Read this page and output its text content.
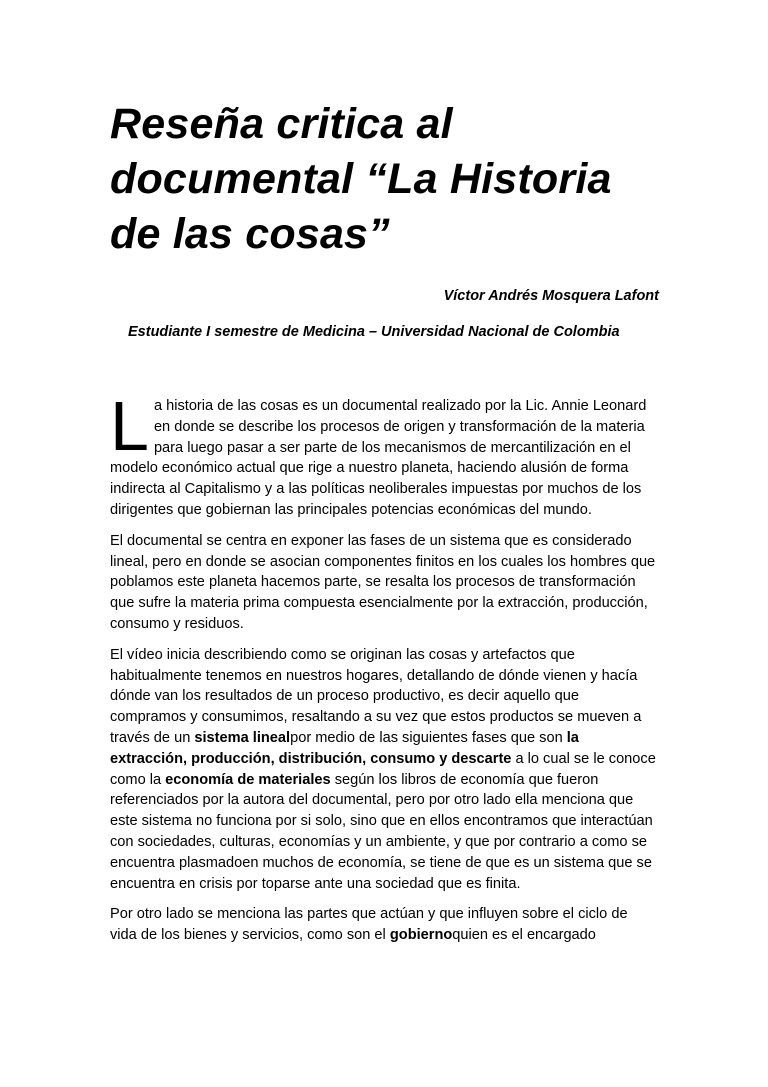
Reseña critica al documental “La Historia de las cosas”

Víctor Andrés Mosquera Lafont

Estudiante I semestre de Medicina – Universidad Nacional de Colombia

La historia de las cosas es un documental realizado por la Lic. Annie Leonard en donde se describe los procesos de origen y transformación de la materia para luego pasar a ser parte de los mecanismos de mercantilización en el modelo económico actual que rige a nuestro planeta, haciendo alusión de forma indirecta al Capitalismo y a las políticas neoliberales impuestas por muchos de los dirigentes que gobiernan las principales potencias económicas del mundo.

El documental se centra en exponer las fases de un sistema que es considerado lineal, pero en donde se asocian componentes finitos en los cuales los hombres que poblamos este planeta hacemos parte, se resalta los procesos de transformación que sufre la materia prima compuesta esencialmente por la extracción, producción, consumo y residuos.

El vídeo inicia describiendo como se originan las cosas y artefactos que habitualmente tenemos en nuestros hogares, detallando de dónde vienen y hacía dónde van los resultados de un proceso productivo, es decir aquello que compramos y consumimos, resaltando a su vez que estos productos se mueven a través de un sistema linealpor medio de las siguientes fases que son la extracción, producción, distribución, consumo y descarte a lo cual se le conoce como la economía de materiales según los libros de economía que fueron referenciados por la autora del documental, pero por otro lado ella menciona que este sistema no funciona por si solo, sino que en ellos encontramos que interactúan con sociedades, culturas, economías y un ambiente, y que por contrario a como se encuentra plasmadoen muchos de economía, se tiene de que es un sistema que se encuentra en crisis por toparse ante una sociedad que es finita.

Por otro lado se menciona las partes que actúan y que influyen sobre el ciclo de vida de los bienes y servicios, como son el gobiernoquien es el encargado
